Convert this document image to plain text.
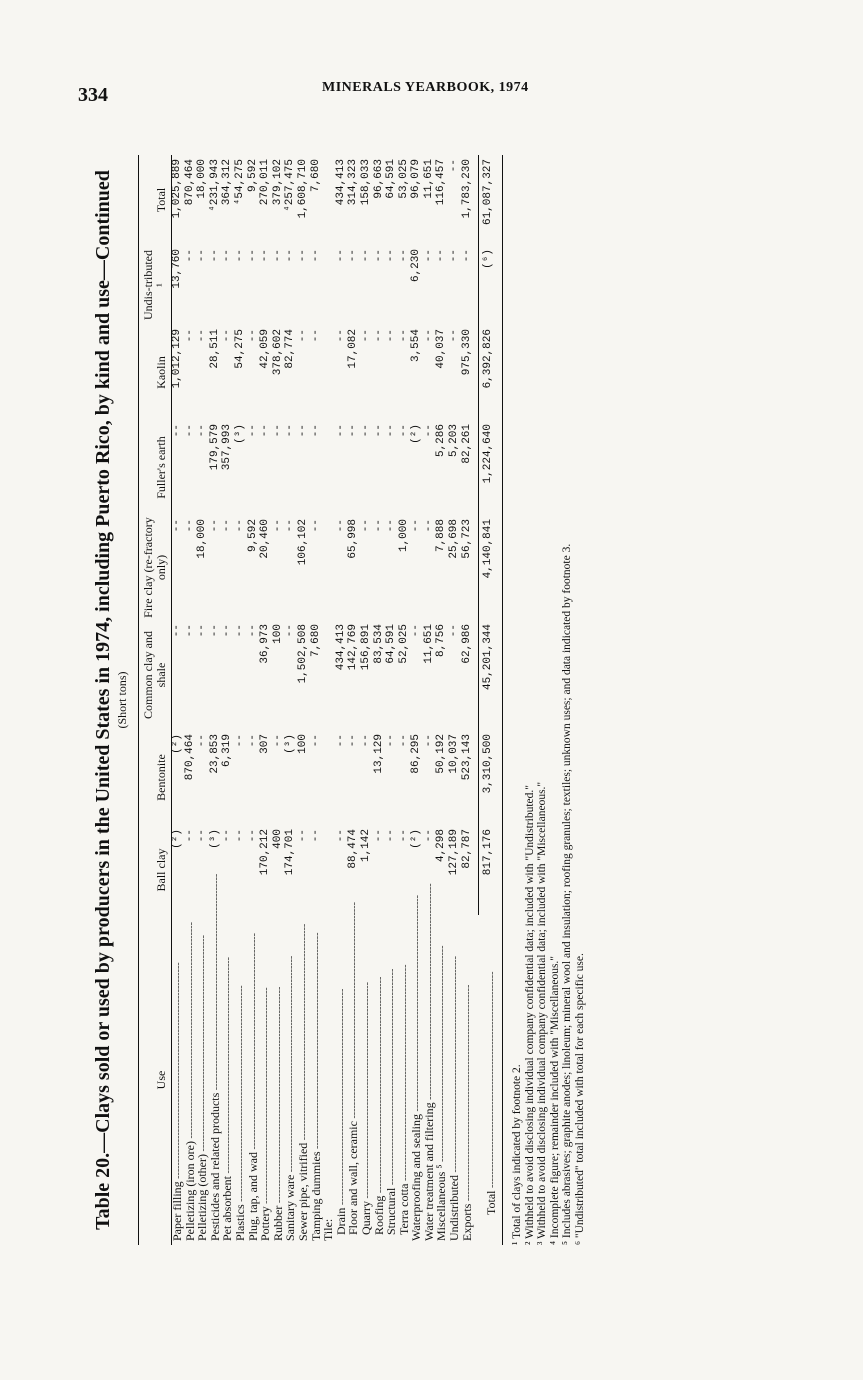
334	MINERALS YEARBOOK, 1974
Table 20.—Clays sold or used by producers in the United States in 1974, including Puerto Rico, by kind and use—Continued (Short tons)
Use	Ball clay	Bentonite	Common clay and shale	Fire clay (re-fractory only)	Fuller's earth	Kaolin	Undis-tributed ¹	Total
Paper filling -----	(²)	(²)	--	--	--	1,012,129	13,760	1,025,889
Pelletizing (iron ore) -----	--	870,464	--	--	--	--	--	870,464
Pelletizing (other) -----	--	--	--	18,000	--	--	--	18,000
Pesticides and related products -----	(³)	23,853	--	--	179,579	28,511	--	⁴231,943
Pet absorbent -----	--	6,319	--	--	357,993	--	--	364,312
Plastics -----	--	--	--	--	(³)	54,275	--	⁴54,275
Plug, tap, and wad -----	--	--	--	9,592	--	--	--	9,592
Pottery -----	170,212	307	36,973	20,460	--	42,059	--	270,011
Rubber -----	400	--	100	--	--	378,602	--	379,102
Sanitary ware -----	174,701	(³)	--	--	--	82,774	--	⁴257,475
Sewer pipe, vitrified -----	--	100	1,502,508	106,102	--	--	--	1,608,710
Tamping dummies -----	--	--	7,680	--	--	--	--	7,680
Tile:								
Drain -----	--	--	434,413	--	--	--	--	434,413
Floor and wall, ceramic -----	88,474	--	142,769	65,998	--	17,082	--	314,323
Quarry -----	1,142	--	156,891	--	--	--	--	158,033
Roofing -----	--	13,129	83,534	--	--	--	--	96,663
Structural -----	--	--	64,591	--	--	--	--	64,591
Terra cotta -----	--	--	52,025	1,000	--	--	--	53,025
Waterproofing and sealing -----	(²)	86,295	--	--	(²)	3,554	6,230	96,079
Water treatment and filtering -----	--	--	11,651	--	--	--	--	11,651
Miscellaneous ⁵ -----	4,298	50,192	8,756	7,888	5,286	40,037	--	116,457
Undistributed -----	127,189	10,037	--	25,698	5,203	--	--	--
Exports -----	82,787	523,143	62,986	56,723	82,261	975,330	--	1,783,230
Total -----	817,176	3,310,500	45,201,344	4,140,841	1,224,640	6,392,826	(⁶)	61,087,327
¹ Total of clays indicated by footnote 2. ² Withheld to avoid disclosing individual company confidential data; included with "Undistributed." ³ Withheld to avoid disclosing individual company confidential data; included with "Miscellaneous." ⁴ Incomplete figure; remainder included with "Miscellaneous." ⁵ Includes abrasives; graphite anodes; linoleum; mineral wool and insulation; roofing granules; textiles; unknown uses; and data indicated by footnote 3. ⁶ "Undistributed" total included with total for each specific use.
